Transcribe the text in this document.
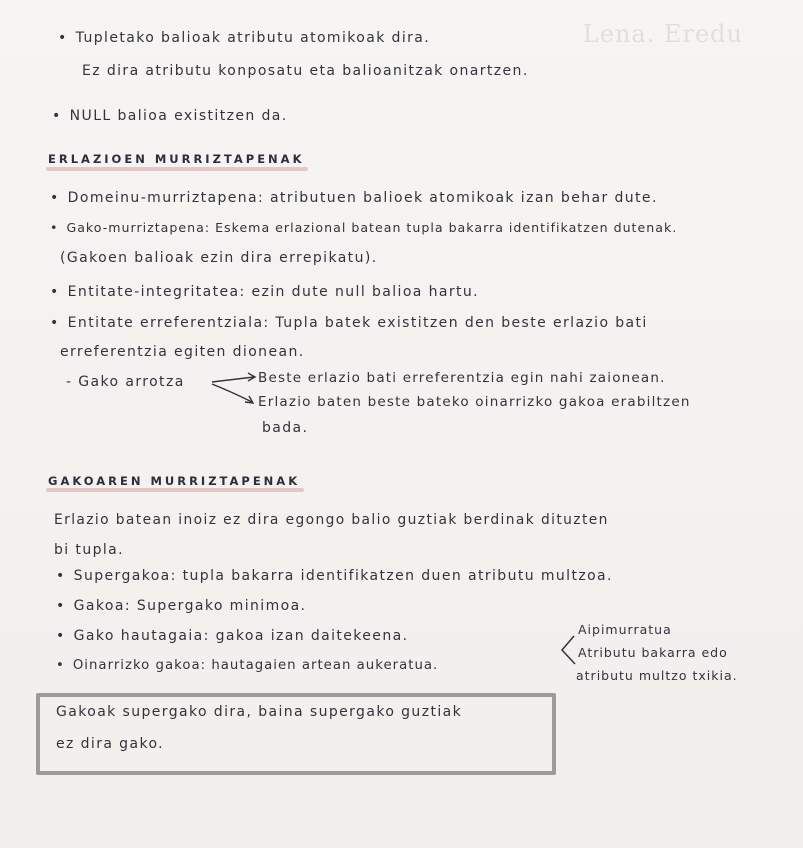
Lena. Eredu
• Tupletako balioak atributu atomikoak dira.
Ez dira atributu konposatu eta balioanitzak onartzen.
• NULL balioa existitzen da.
ERLAZIOEN MURRIZTAPENAK
• Domeinu-murriztapena: atributuen balioek atomikoak izan behar dute.
• Gako-murriztapena: Eskema erlazional batean tupla bakarra identifikatzen dutenak.
(Gakoen balioak ezin dira errepikatu).
• Entitate-integritatea: ezin dute null balioa hartu.
• Entitate erreferentziala: Tupla batek existitzen den beste erlazio bati
erreferentzia egiten dionean.
- Gako arrotza	Beste erlazio bati erreferentzia egin nahi zaionean.
Erlazio baten beste bateko oinarrizko gakoa erabiltzen
bada.
GAKOAREN MURRIZTAPENAK
Erlazio batean inoiz ez dira egongo balio guztiak berdinak dituzten
bi tupla.
• Supergakoa: tupla bakarra identifikatzen duen atributu multzoa.
• Gakoa: Supergako minimoa.
• Gako hautagaia: gakoa izan daitekeena.
• Oinarrizko gakoa: hautagaien artean aukeratua.
Aipimurratua
Atributu bakarra edo
atributu multzo txikia.
Gakoak supergako dira, baina supergako guztiak
ez dira gako.
